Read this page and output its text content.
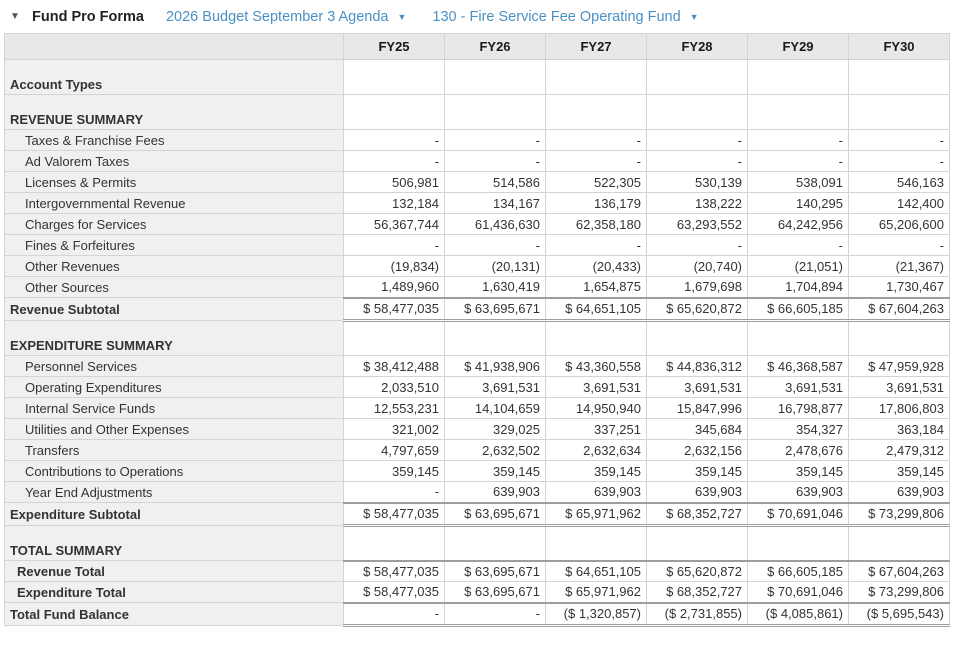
▼ Fund Pro Forma 2026 Budget September 3 Agenda ▼ 130 - Fire Service Fee Operating Fund ▼
	FY25	FY26	FY27	FY28	FY29	FY30
Account Types						
REVENUE SUMMARY						
Taxes & Franchise Fees	-	-	-	-	-	-
Ad Valorem Taxes	-	-	-	-	-	-
Licenses & Permits	506,981	514,586	522,305	530,139	538,091	546,163
Intergovernmental Revenue	132,184	134,167	136,179	138,222	140,295	142,400
Charges for Services	56,367,744	61,436,630	62,358,180	63,293,552	64,242,956	65,206,600
Fines & Forfeitures	-	-	-	-	-	-
Other Revenues	(19,834)	(20,131)	(20,433)	(20,740)	(21,051)	(21,367)
Other Sources	1,489,960	1,630,419	1,654,875	1,679,698	1,704,894	1,730,467
Revenue Subtotal	$ 58,477,035	$ 63,695,671	$ 64,651,105	$ 65,620,872	$ 66,605,185	$ 67,604,263
EXPENDITURE SUMMARY						
Personnel Services	$ 38,412,488	$ 41,938,906	$ 43,360,558	$ 44,836,312	$ 46,368,587	$ 47,959,928
Operating Expenditures	2,033,510	3,691,531	3,691,531	3,691,531	3,691,531	3,691,531
Internal Service Funds	12,553,231	14,104,659	14,950,940	15,847,996	16,798,877	17,806,803
Utilities and Other Expenses	321,002	329,025	337,251	345,684	354,327	363,184
Transfers	4,797,659	2,632,502	2,632,634	2,632,156	2,478,676	2,479,312
Contributions to Operations	359,145	359,145	359,145	359,145	359,145	359,145
Year End Adjustments	-	639,903	639,903	639,903	639,903	639,903
Expenditure Subtotal	$ 58,477,035	$ 63,695,671	$ 65,971,962	$ 68,352,727	$ 70,691,046	$ 73,299,806
TOTAL SUMMARY						
Revenue Total	$ 58,477,035	$ 63,695,671	$ 64,651,105	$ 65,620,872	$ 66,605,185	$ 67,604,263
Expenditure Total	$ 58,477,035	$ 63,695,671	$ 65,971,962	$ 68,352,727	$ 70,691,046	$ 73,299,806
Total Fund Balance	-	-	($ 1,320,857)	($ 2,731,855)	($ 4,085,861)	($ 5,695,543)
